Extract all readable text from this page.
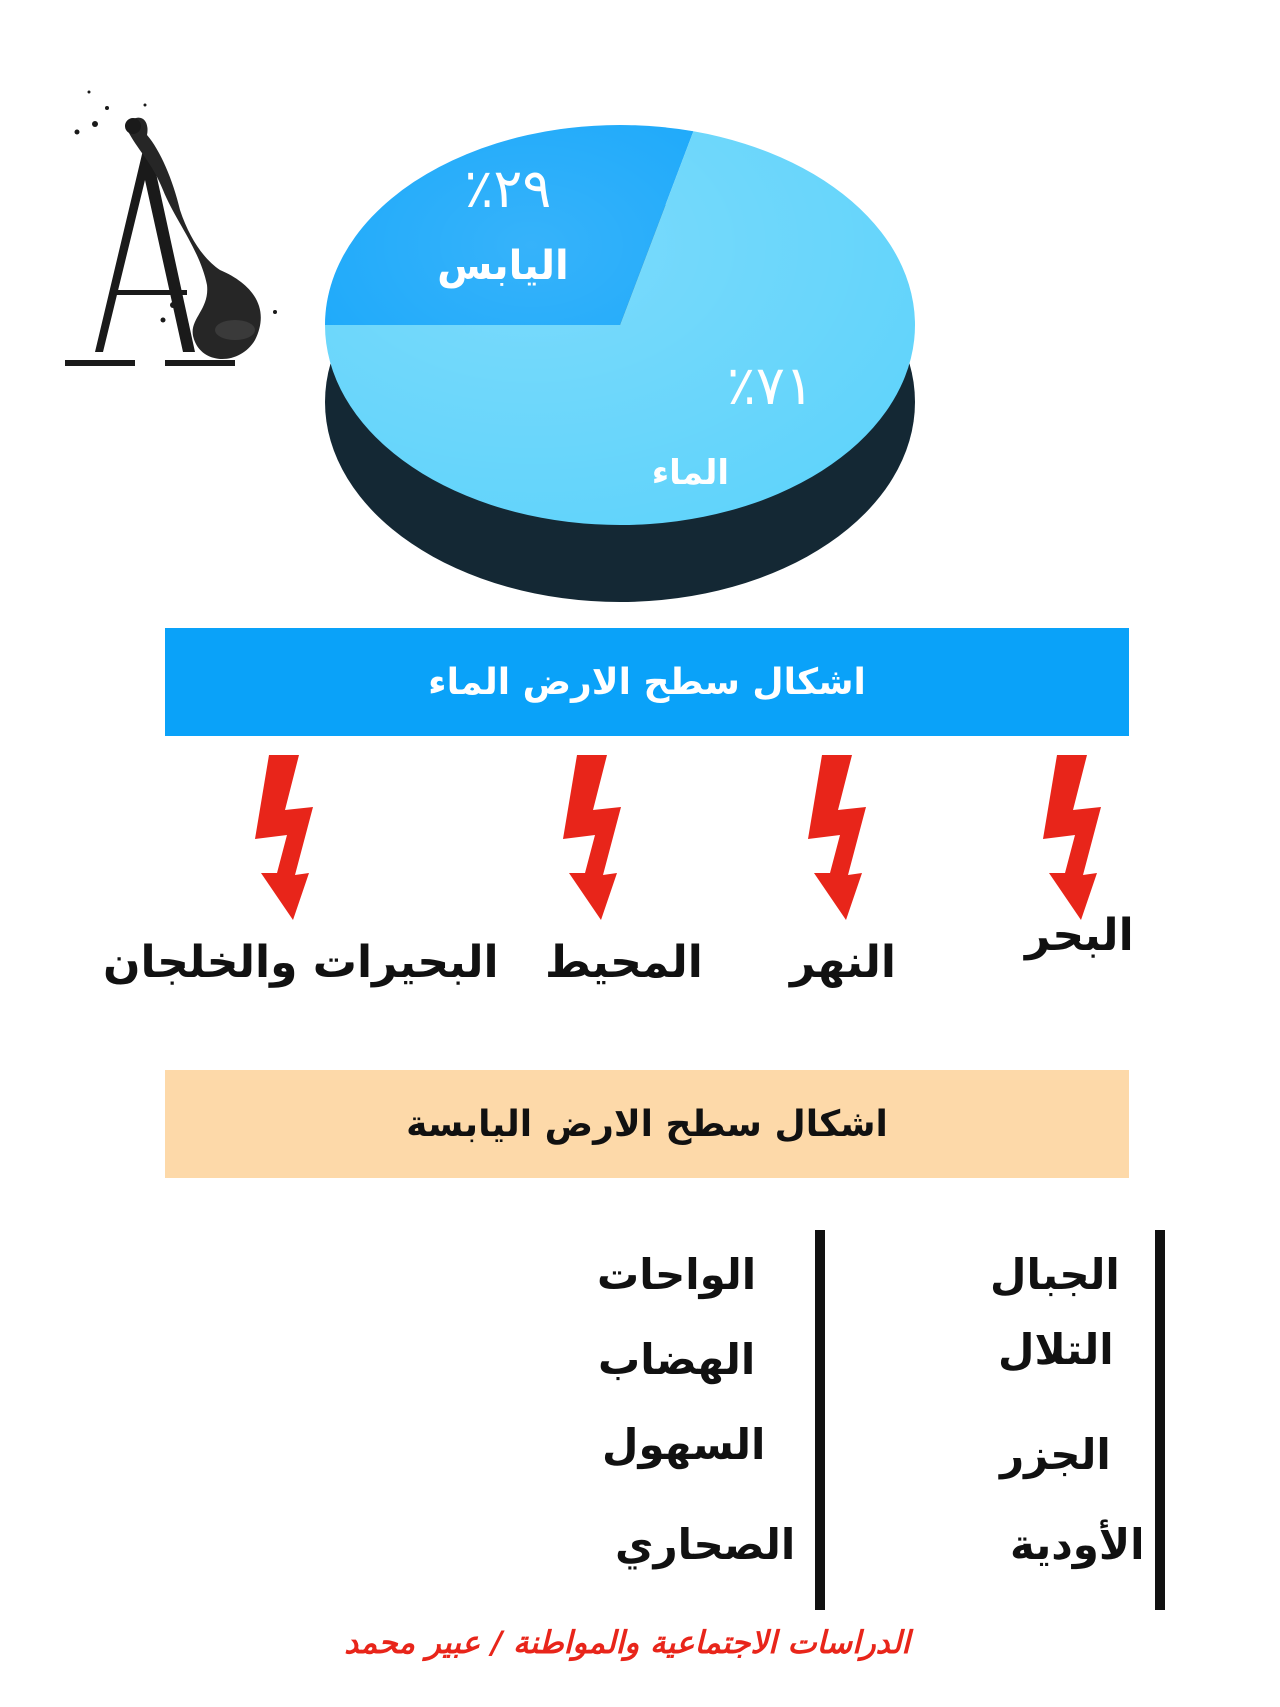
٢٩٪
اليابس
٧١٪
الماء
اشكال سطح الارض الماء
البحر
النهر
المحيط
البحيرات والخلجان
اشكال سطح الارض اليابسة
الجبال
التلال
الجزر
الأودية
الواحات
الهضاب
السهول
الصحاري
الدراسات الاجتماعية والمواطنة / عبير محمد
